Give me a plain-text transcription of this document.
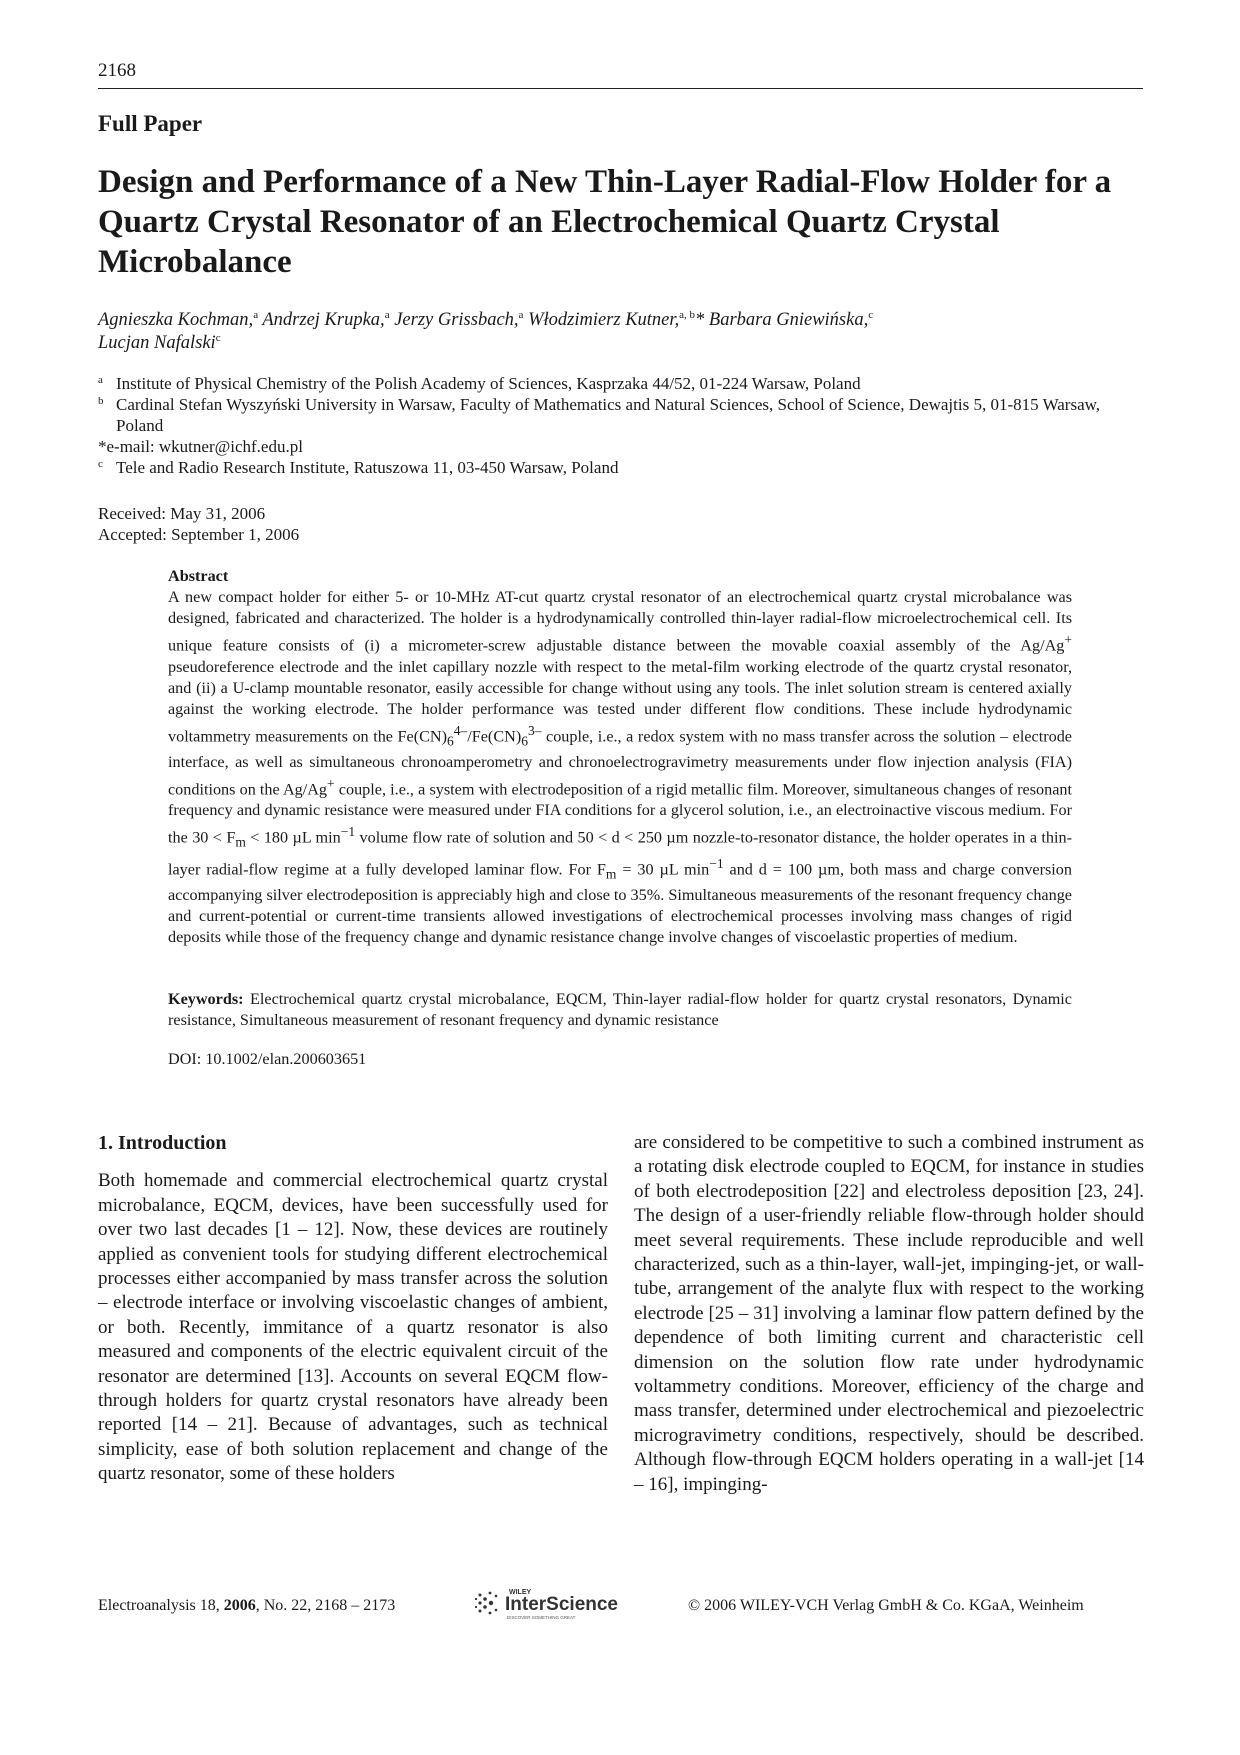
2168
Full Paper
Design and Performance of a New Thin-Layer Radial-Flow Holder for a Quartz Crystal Resonator of an Electrochemical Quartz Crystal Microbalance
Agnieszka Kochman,$^a$ Andrzej Krupka,$^a$ Jerzy Grissbach,$^a$ Włodzimierz Kutner,$^{a, b}$* Barbara Gniewińska,$^c$
Lucjan Nafalski$^c$
a Institute of Physical Chemistry of the Polish Academy of Sciences, Kasprzaka 44/52, 01-224 Warsaw, Poland
b Cardinal Stefan Wyszyński University in Warsaw, Faculty of Mathematics and Natural Sciences, School of Science, Dewajtis 5, 01-815 Warsaw, Poland
*e-mail: wkutner@ichf.edu.pl
c Tele and Radio Research Institute, Ratuszowa 11, 03-450 Warsaw, Poland
Received: May 31, 2006
Accepted: September 1, 2006
Abstract
A new compact holder for either 5- or 10-MHz AT-cut quartz crystal resonator of an electrochemical quartz crystal microbalance was designed, fabricated and characterized. The holder is a hydrodynamically controlled thin-layer radial-flow microelectrochemical cell. Its unique feature consists of (i) a micrometer-screw adjustable distance between the movable coaxial assembly of the Ag/Ag+ pseudoreference electrode and the inlet capillary nozzle with respect to the metal-film working electrode of the quartz crystal resonator, and (ii) a U-clamp mountable resonator, easily accessible for change without using any tools. The inlet solution stream is centered axially against the working electrode. The holder performance was tested under different flow conditions. These include hydrodynamic voltammetry measurements on the $Fe(CN)_6^{4-}/Fe(CN)_6^{3-}$ couple, i.e., a redox system with no mass transfer across the solution – electrode interface, as well as simultaneous chronoamperometry and chronoelectrogravimetry measurements under flow injection analysis (FIA) conditions on the Ag/Ag+ couple, i.e., a system with electrodeposition of a rigid metallic film. Moreover, simultaneous changes of resonant frequency and dynamic resistance were measured under FIA conditions for a glycerol solution, i.e., an electroinactive viscous medium. For the $30 < F_m < 180$ µL $\min^{-1}$ volume flow rate of solution and 50 < d < 250 µm nozzle-to-resonator distance, the holder operates in a thin-layer radial-flow regime at a fully developed laminar flow. For $F_m = 30$ µL $\min^{-1}$ and d = 100 µm, both mass and charge conversion accompanying silver electrodeposition is appreciably high and close to 35%. Simultaneous measurements of the resonant frequency change and current-potential or current-time transients allowed investigations of electrochemical processes involving mass changes of rigid deposits while those of the frequency change and dynamic resistance change involve changes of viscoelastic properties of medium.
Keywords: Electrochemical quartz crystal microbalance, EQCM, Thin-layer radial-flow holder for quartz crystal resonators, Dynamic resistance, Simultaneous measurement of resonant frequency and dynamic resistance
DOI: 10.1002/elan.200603651
1. Introduction
Both homemade and commercial electrochemical quartz crystal microbalance, EQCM, devices, have been successfully used for over two last decades [1 – 12]. Now, these devices are routinely applied as convenient tools for studying different electrochemical processes either accompanied by mass transfer across the solution – electrode interface or involving viscoelastic changes of ambient, or both. Recently, immitance of a quartz resonator is also measured and components of the electric equivalent circuit of the resonator are determined [13]. Accounts on several EQCM flow-through holders for quartz crystal resonators have already been reported [14 – 21]. Because of advantages, such as technical simplicity, ease of both solution replacement and change of the quartz resonator, some of these holders
are considered to be competitive to such a combined instrument as a rotating disk electrode coupled to EQCM, for instance in studies of both electrodeposition [22] and electroless deposition [23, 24]. The design of a user-friendly reliable flow-through holder should meet several requirements. These include reproducible and well characterized, such as a thin-layer, wall-jet, impinging-jet, or wall-tube, arrangement of the analyte flux with respect to the working electrode [25 – 31] involving a laminar flow pattern defined by the dependence of both limiting current and characteristic cell dimension on the solution flow rate under hydrodynamic voltammetry conditions. Moreover, efficiency of the charge and mass transfer, determined under electrochemical and piezoelectric microgravimetry conditions, respectively, should be described. Although flow-through EQCM holders operating in a wall-jet [14 – 16], impinging-
Electroanalysis 18, 2006, No. 22, 2168 – 2173
WILEY
InterScience
DISCOVER SOMETHING GREAT
© 2006 WILEY-VCH Verlag GmbH & Co. KGaA, Weinheim
